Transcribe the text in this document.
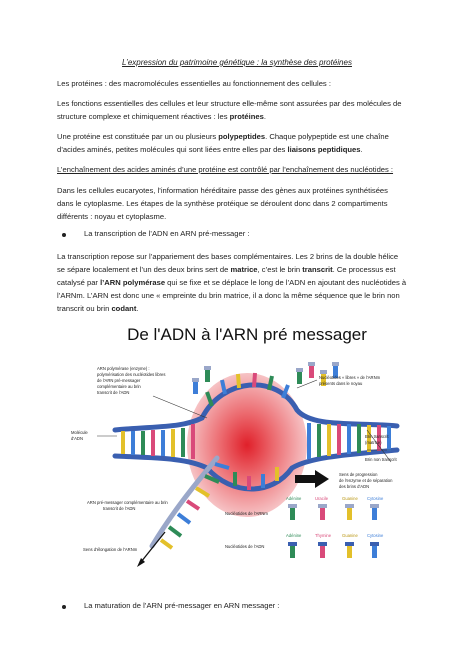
L’expression du patrimoine génétique : la synthèse des protéines
Les protéines : des macromolécules essentielles au fonctionnement des cellules :
Les fonctions essentielles des cellules et leur structure elle-même sont assurées par des molécules de
structure complexe et chimiquement réactives : les protéines.
Une protéine est constituée par un ou plusieurs polypeptides. Chaque polypeptide est une chaîne
d’acides aminés, petites molécules qui sont liées entre elles par des liaisons peptidiques.
L’enchaînement des acides aminés d’une protéine est contrôlé par l’enchaînement des nucléotides :
Dans les cellules eucaryotes, l’information héréditaire passe des gènes aux protéines synthétisées
dans le cytoplasme. Les étapes de la synthèse protéique se déroulent donc dans 2 compartiments
différents : noyau et cytoplasme.
La transcription de l’ADN en ARN pré-messager :
La transcription repose sur l’appariement des bases complémentaires. Les 2 brins de la double hélice
se sépare localement et l’un des deux brins sert de matrice, c’est le brin transcrit. Ce processus est
catalysé par l’ARN polymérase qui se fixe et se déplace le long de l’ADN en ajoutant des nucléotides à
l’ARNm. L’ARN est donc une « empreinte du brin matrice, il a donc la même séquence que le brin non
transcrit ou brin codant.
De l'ADN à l'ARN pré messager
ARN polymérase (enzyme) :
polymérisation des nucléotides libres
de l'ARN pré-messager
complémentaire au brin
transcrit de l'ADN
Nucléotides « libres » de l'ARNm
présents dans le noyau
Molécule
d'ADN	Brin transcrit
(matrice)
Brin non transcrit
Sens de progression
de l'enzyme et de séparation
des brins d'ADN
ARN pré-messager complémentaire au brin
transcrit de l'ADN
Sens d'élongation de l'ARNm
Nucléotides de l'ARNm
Nucléotides de l'ADN
Adénine	Uracile	Guanine Cytosine
Adénine	Thymine	Guanine Cytosine
La maturation de l’ARN pré-messager en ARN messager :
